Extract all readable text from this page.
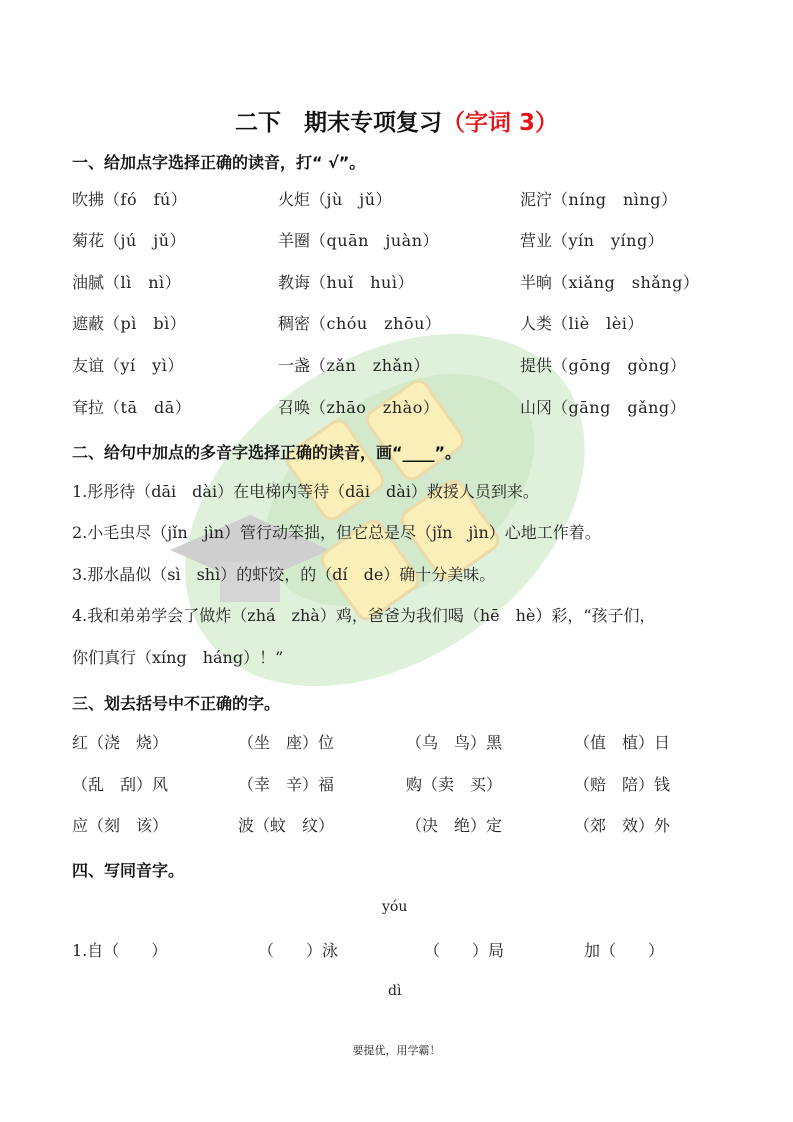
二下　期末专项复习（字词 3）
一、给加点字选择正确的读音，打“ √”。
吹拂（fó　fú）	火炬（jù　jǔ）	泥泞（níng　nìng）
菊花（jú　jǔ）	羊圈（quān　juàn）	营业（yín　yíng）
油腻（lì　nì）	教诲（huǐ　huì）	半晌（xiǎng　shǎng）
遮蔽（pì　bì）	稠密（chóu　zhōu）	人类（liè　lèi）
友谊（yí　yì）	一盏（zǎn　zhǎn）	提供（gōng　gòng）
耷拉（tā　dā）	召唤（zhāo　zhào）	山冈（gāng　gǎng）
二、给句中加点的多音字选择正确的读音，画“____”。
1.彤彤待（dāi　dài）在电梯内等待（dāi　dài）救援人员到来。
2.小毛虫尽（jǐn　jìn）管行动笨拙，但它总是尽（jǐn　jìn）心地工作着。
3.那水晶似（sì　shì）的虾饺，的（dí　de）确十分美味。
4.我和弟弟学会了做炸（zhá　zhà）鸡，爸爸为我们喝（hē　hè）彩，“孩子们，
你们真行（xíng　háng）！”
三、划去括号中不正确的字。
红（浇　烧）	（坐　座）位	（乌　鸟）黑	（值　植）日
（乱　刮）风	（幸　辛）福	购（卖　买）	（赔　陪）钱
应（刻　该）	波（蚊　纹）	（决　绝）定	（郊　效）外
四、写同音字。
yóu
1.自（　　）	（　　）泳	（　　）局	加（　　）
dì
要提优，用学霸！
